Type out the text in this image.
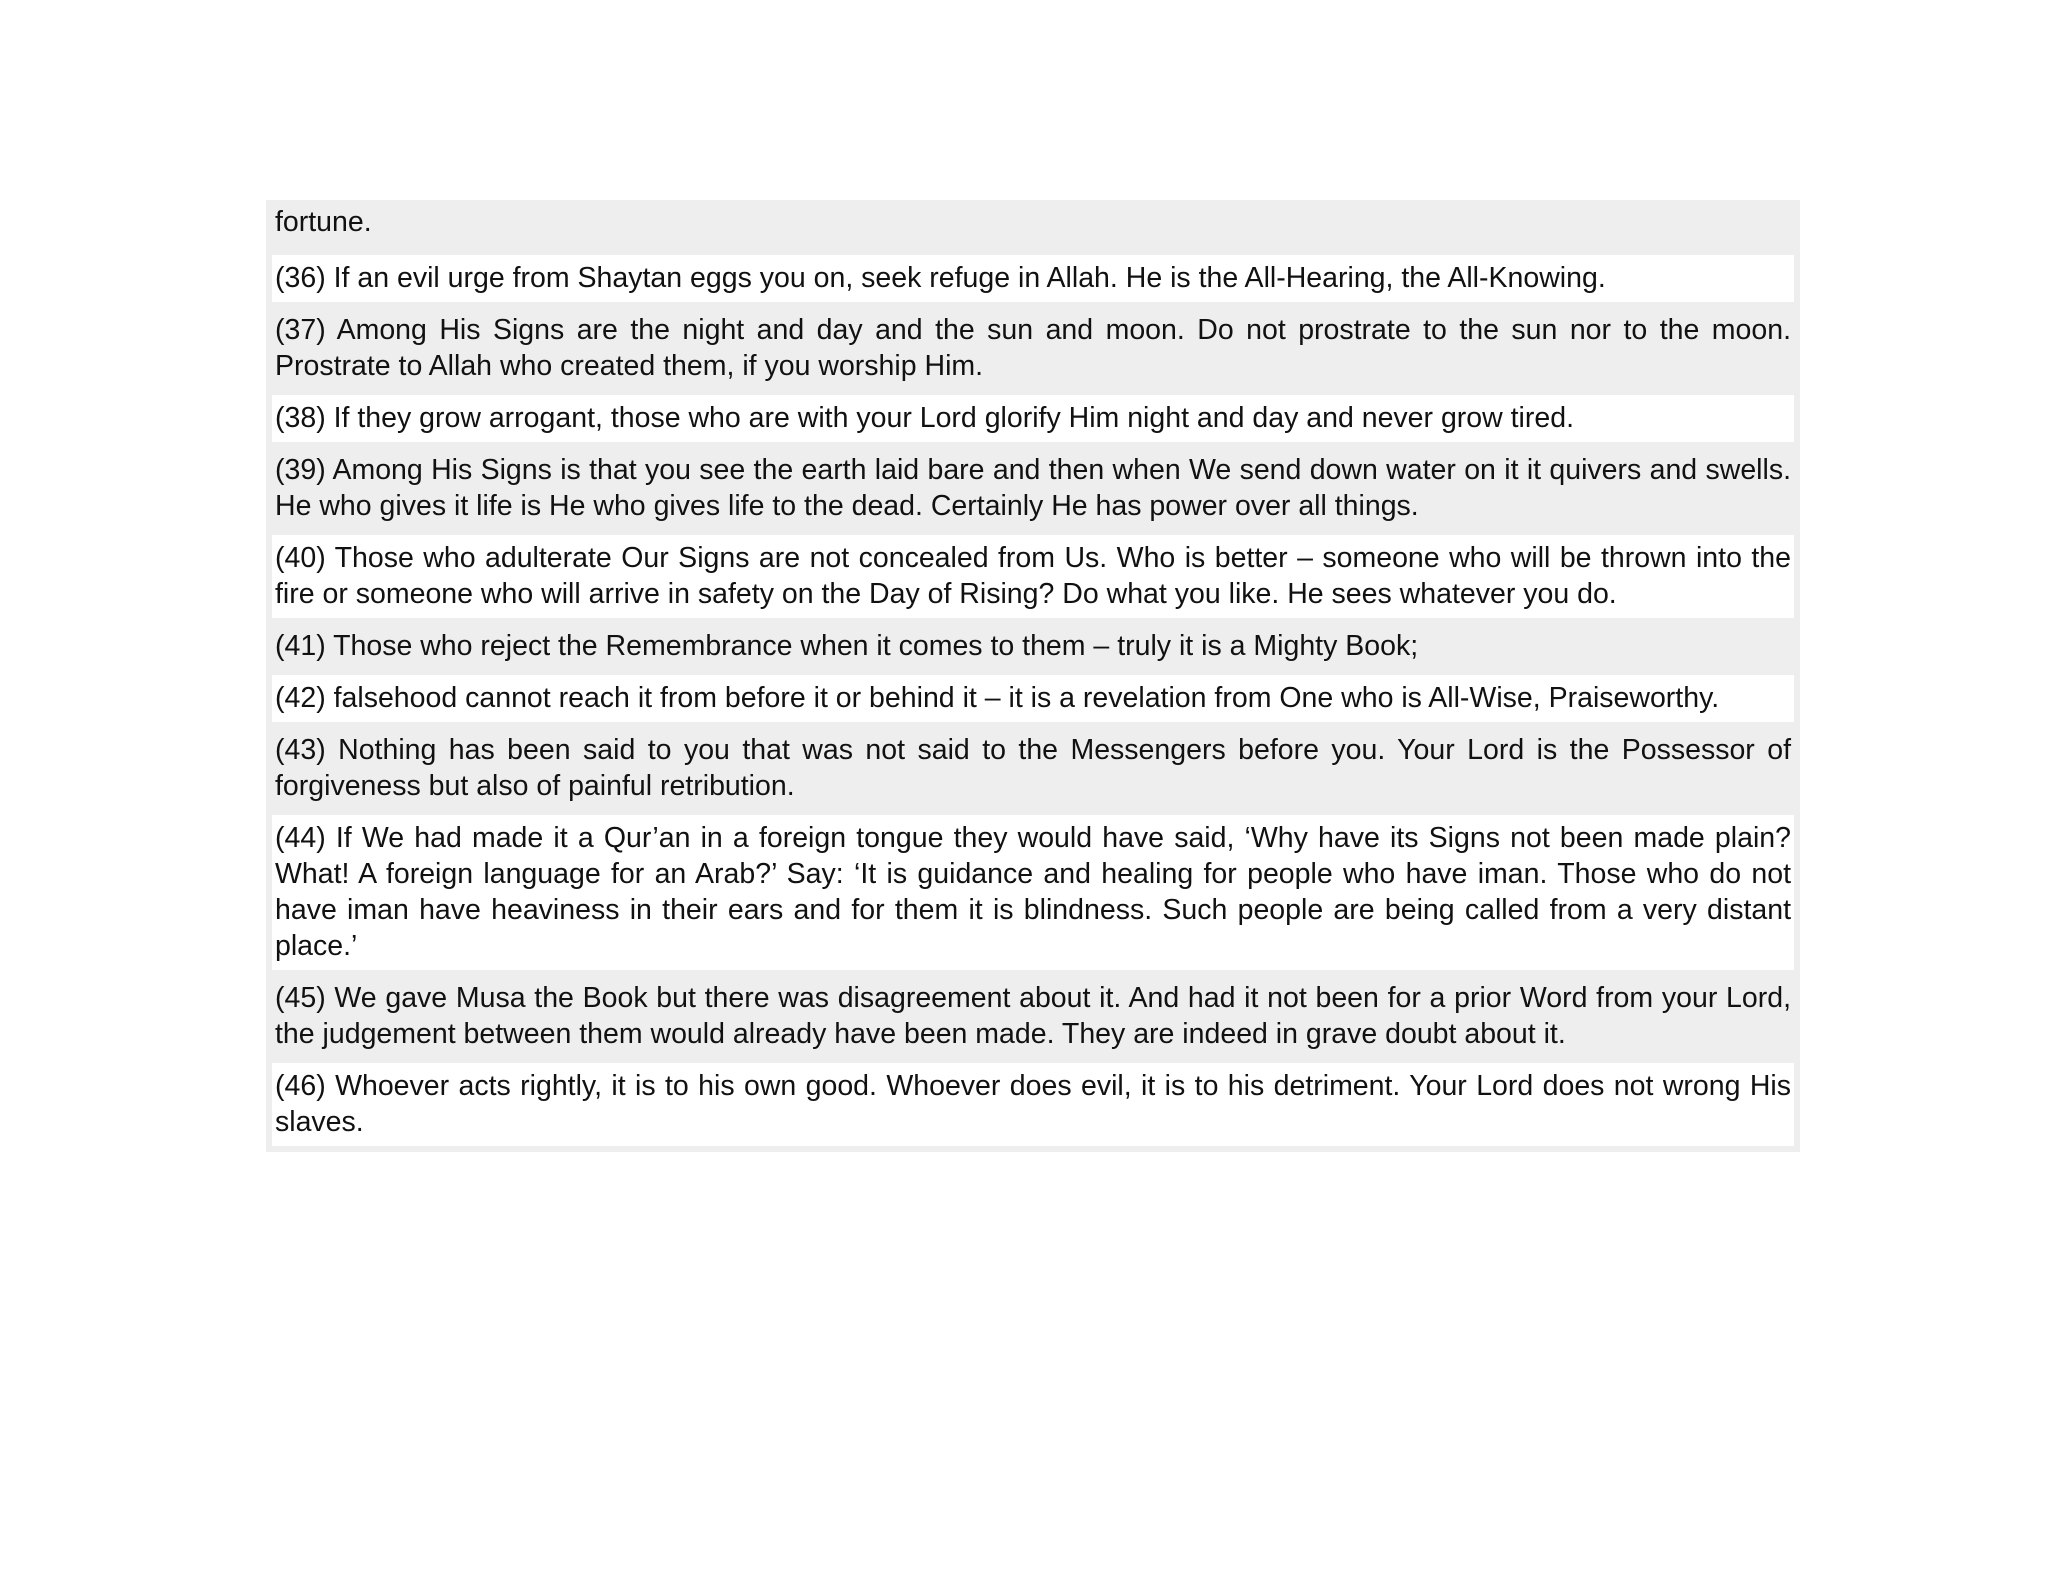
fortune.
(36) If an evil urge from Shaytan eggs you on, seek refuge in Allah. He is the All-Hearing, the All-Knowing.
(37) Among His Signs are the night and day and the sun and moon. Do not prostrate to the sun nor to the moon. Prostrate to Allah who created them, if you worship Him.
(38) If they grow arrogant, those who are with your Lord glorify Him night and day and never grow tired.
(39) Among His Signs is that you see the earth laid bare and then when We send down water on it it quivers and swells. He who gives it life is He who gives life to the dead. Certainly He has power over all things.
(40) Those who adulterate Our Signs are not concealed from Us. Who is better – someone who will be thrown into the fire or someone who will arrive in safety on the Day of Rising? Do what you like. He sees whatever you do.
(41) Those who reject the Remembrance when it comes to them – truly it is a Mighty Book;
(42) falsehood cannot reach it from before it or behind it – it is a revelation from One who is All-Wise, Praiseworthy.
(43) Nothing has been said to you that was not said to the Messengers before you. Your Lord is the Possessor of forgiveness but also of painful retribution.
(44) If We had made it a Qur’an in a foreign tongue they would have said, ‘Why have its Signs not been made plain? What! A foreign language for an Arab?’ Say: ‘It is guidance and healing for people who have iman. Those who do not have iman have heaviness in their ears and for them it is blindness. Such people are being called from a very distant place.’
(45) We gave Musa the Book but there was disagreement about it. And had it not been for a prior Word from your Lord, the judgement between them would already have been made. They are indeed in grave doubt about it.
(46) Whoever acts rightly, it is to his own good. Whoever does evil, it is to his detriment. Your Lord does not wrong His slaves.
